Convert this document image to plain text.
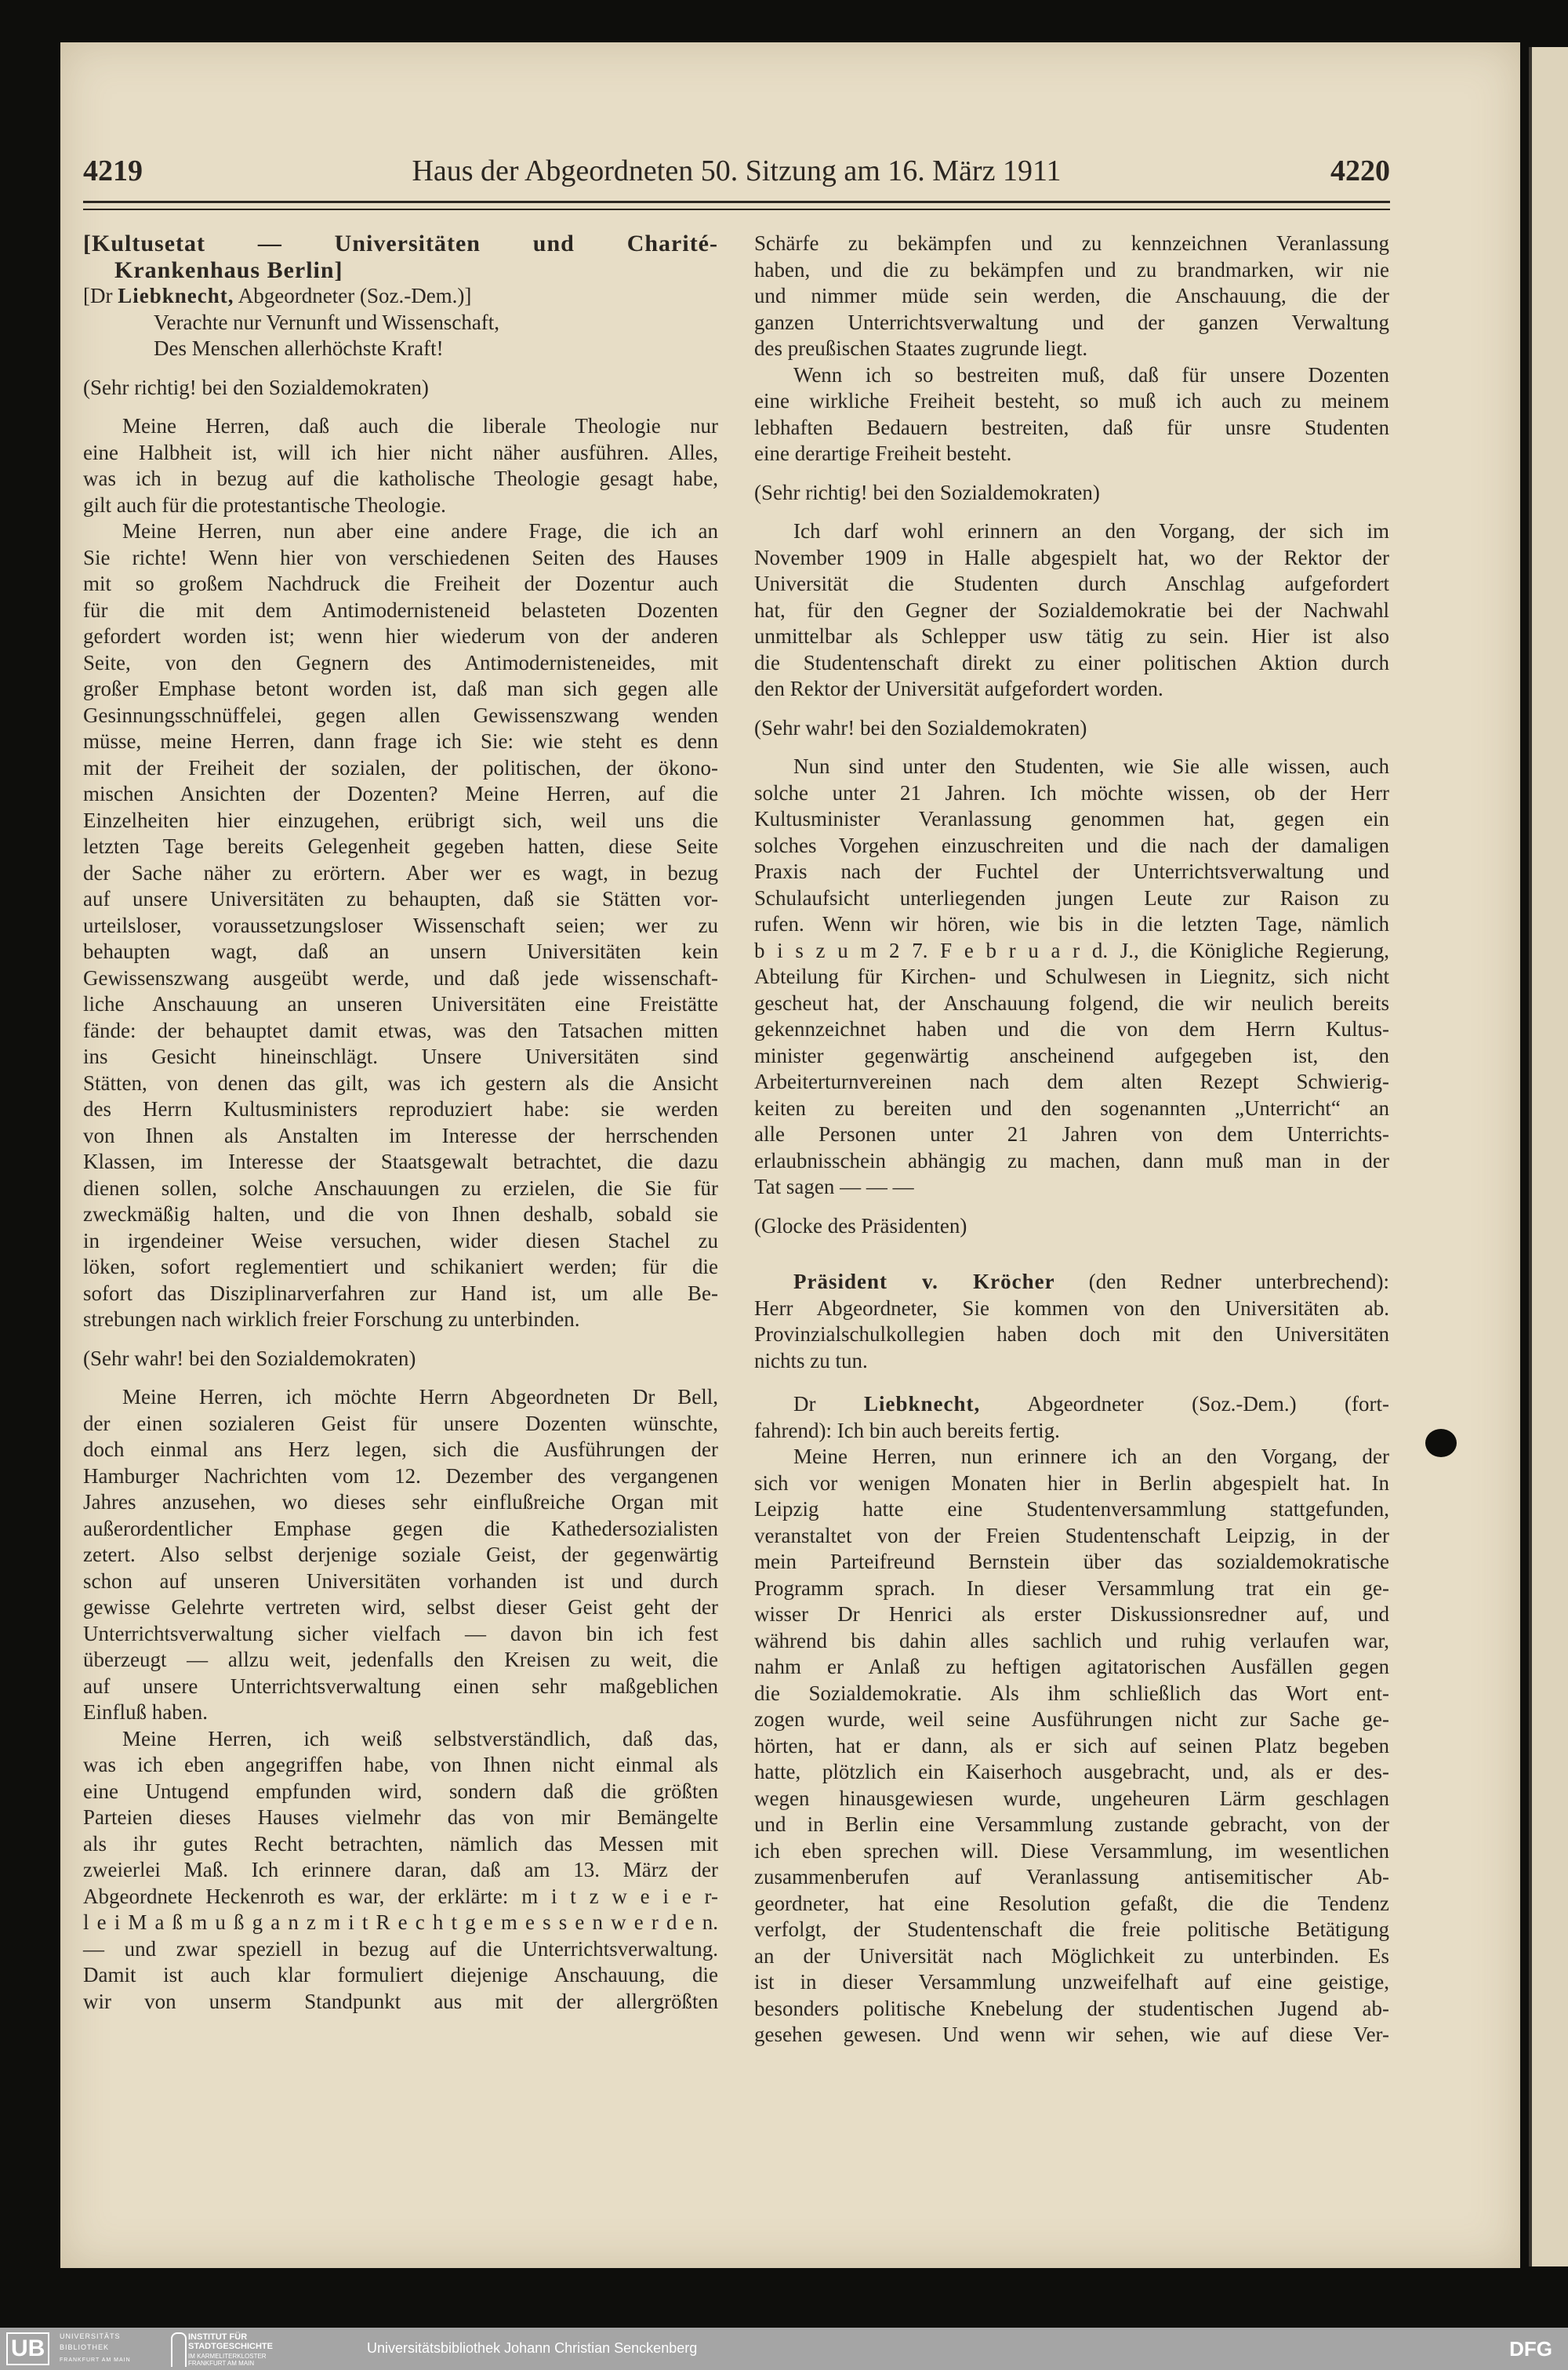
4219	Haus der Abgeordneten 50. Sitzung am 16. März 1911	4220
[Kultusetat — Universitäten und Charité-
Krankenhaus Berlin]
[Dr Liebknecht, Abgeordneter (Soz.-Dem.)]
Verachte nur Vernunft und Wissenschaft,
Des Menschen allerhöchste Kraft!
(Sehr richtig! bei den Sozialdemokraten)
Meine Herren, daß auch die liberale Theologie nur
eine Halbheit ist, will ich hier nicht näher ausführen. Alles,
was ich in bezug auf die katholische Theologie gesagt habe,
gilt auch für die protestantische Theologie.
Meine Herren, nun aber eine andere Frage, die ich an
Sie richte! Wenn hier von verschiedenen Seiten des Hauses
mit so großem Nachdruck die Freiheit der Dozentur auch
für die mit dem Antimodernisteneid belasteten Dozenten
gefordert worden ist; wenn hier wiederum von der anderen
Seite, von den Gegnern des Antimodernisteneides, mit
großer Emphase betont worden ist, daß man sich gegen alle
Gesinnungsschnüffelei, gegen allen Gewissenszwang wenden
müsse, meine Herren, dann frage ich Sie: wie steht es denn
mit der Freiheit der sozialen, der politischen, der ökono-
mischen Ansichten der Dozenten? Meine Herren, auf die
Einzelheiten hier einzugehen, erübrigt sich, weil uns die
letzten Tage bereits Gelegenheit gegeben hatten, diese Seite
der Sache näher zu erörtern. Aber wer es wagt, in bezug
auf unsere Universitäten zu behaupten, daß sie Stätten vor-
urteilsloser, voraussetzungsloser Wissenschaft seien; wer zu
behaupten wagt, daß an unsern Universitäten kein
Gewissenszwang ausgeübt werde, und daß jede wissenschaft-
liche Anschauung an unseren Universitäten eine Freistätte
fände: der behauptet damit etwas, was den Tatsachen mitten
ins Gesicht hineinschlägt. Unsere Universitäten sind
Stätten, von denen das gilt, was ich gestern als die Ansicht
des Herrn Kultusministers reproduziert habe: sie werden
von Ihnen als Anstalten im Interesse der herrschenden
Klassen, im Interesse der Staatsgewalt betrachtet, die dazu
dienen sollen, solche Anschauungen zu erzielen, die Sie für
zweckmäßig halten, und die von Ihnen deshalb, sobald sie
in irgendeiner Weise versuchen, wider diesen Stachel zu
löken, sofort reglementiert und schikaniert werden; für die
sofort das Disziplinarverfahren zur Hand ist, um alle Be-
strebungen nach wirklich freier Forschung zu unterbinden.
(Sehr wahr! bei den Sozialdemokraten)
Meine Herren, ich möchte Herrn Abgeordneten Dr Bell,
der einen sozialeren Geist für unsere Dozenten wünschte,
doch einmal ans Herz legen, sich die Ausführungen der
Hamburger Nachrichten vom 12. Dezember des vergangenen
Jahres anzusehen, wo dieses sehr einflußreiche Organ mit
außerordentlicher Emphase gegen die Kathedersozialisten
zetert. Also selbst derjenige soziale Geist, der gegenwärtig
schon auf unseren Universitäten vorhanden ist und durch
gewisse Gelehrte vertreten wird, selbst dieser Geist geht der
Unterrichtsverwaltung sicher vielfach — davon bin ich fest
überzeugt — allzu weit, jedenfalls den Kreisen zu weit, die
auf unsere Unterrichtsverwaltung einen sehr maßgeblichen
Einfluß haben.
Meine Herren, ich weiß selbstverständlich, daß das,
was ich eben angegriffen habe, von Ihnen nicht einmal als
eine Untugend empfunden wird, sondern daß die größten
Parteien dieses Hauses vielmehr das von mir Bemängelte
als ihr gutes Recht betrachten, nämlich das Messen mit
zweierlei Maß. Ich erinnere daran, daß am 13. März der
Abgeordnete Heckenroth es war, der erklärte: m i t z w e i e r-
l e i M a ß m u ß g a n z m i t R e c h t g e m e s s e n w e r d e n.
— und zwar speziell in bezug auf die Unterrichtsverwaltung.
Damit ist auch klar formuliert diejenige Anschauung, die
wir von unserm Standpunkt aus mit der allergrößten
Schärfe zu bekämpfen und zu kennzeichnen Veranlassung
haben, und die zu bekämpfen und zu brandmarken, wir nie
und nimmer müde sein werden, die Anschauung, die der
ganzen Unterrichtsverwaltung und der ganzen Verwaltung
des preußischen Staates zugrunde liegt.
Wenn ich so bestreiten muß, daß für unsere Dozenten
eine wirkliche Freiheit besteht, so muß ich auch zu meinem
lebhaften Bedauern bestreiten, daß für unsre Studenten
eine derartige Freiheit besteht.
(Sehr richtig! bei den Sozialdemokraten)
Ich darf wohl erinnern an den Vorgang, der sich im
November 1909 in Halle abgespielt hat, wo der Rektor der
Universität die Studenten durch Anschlag aufgefordert
hat, für den Gegner der Sozialdemokratie bei der Nachwahl
unmittelbar als Schlepper usw tätig zu sein. Hier ist also
die Studentenschaft direkt zu einer politischen Aktion durch
den Rektor der Universität aufgefordert worden.
(Sehr wahr! bei den Sozialdemokraten)
Nun sind unter den Studenten, wie Sie alle wissen, auch
solche unter 21 Jahren. Ich möchte wissen, ob der Herr
Kultusminister Veranlassung genommen hat, gegen ein
solches Vorgehen einzuschreiten und die nach der damaligen
Praxis nach der Fuchtel der Unterrichtsverwaltung und
Schulaufsicht unterliegenden jungen Leute zur Raison zu
rufen. Wenn wir hören, wie bis in die letzten Tage, nämlich
b i s z u m 2 7. F e b r u a r d. J., die Königliche Regierung,
Abteilung für Kirchen- und Schulwesen in Liegnitz, sich nicht
gescheut hat, der Anschauung folgend, die wir neulich bereits
gekennzeichnet haben und die von dem Herrn Kultus-
minister gegenwärtig anscheinend aufgegeben ist, den
Arbeiterturnvereinen nach dem alten Rezept Schwierig-
keiten zu bereiten und den sogenannten „Unterricht“ an
alle Personen unter 21 Jahren von dem Unterrichts-
erlaubnisschein abhängig zu machen, dann muß man in der
Tat sagen — — —
(Glocke des Präsidenten)
Präsident v. Kröcher (den Redner unterbrechend):
Herr Abgeordneter, Sie kommen von den Universitäten ab.
Provinzialschulkollegien haben doch mit den Universitäten
nichts zu tun.
Dr Liebknecht, Abgeordneter (Soz.-Dem.) (fort-
fahrend): Ich bin auch bereits fertig.
Meine Herren, nun erinnere ich an den Vorgang, der
sich vor wenigen Monaten hier in Berlin abgespielt hat. In
Leipzig hatte eine Studentenversammlung stattgefunden,
veranstaltet von der Freien Studentenschaft Leipzig, in der
mein Parteifreund Bernstein über das sozialdemokratische
Programm sprach. In dieser Versammlung trat ein ge-
wisser Dr Henrici als erster Diskussionsredner auf, und
während bis dahin alles sachlich und ruhig verlaufen war,
nahm er Anlaß zu heftigen agitatorischen Ausfällen gegen
die Sozialdemokratie. Als ihm schließlich das Wort ent-
zogen wurde, weil seine Ausführungen nicht zur Sache ge-
hörten, hat er dann, als er sich auf seinen Platz begeben
hatte, plötzlich ein Kaiserhoch ausgebracht, und, als er des-
wegen hinausgewiesen wurde, ungeheuren Lärm geschlagen
und in Berlin eine Versammlung zustande gebracht, von der
ich eben sprechen will. Diese Versammlung, im wesentlichen
zusammenberufen auf Veranlassung antisemitischer Ab-
geordneter, hat eine Resolution gefaßt, die die Tendenz
verfolgt, der Studentenschaft die freie politische Betätigung
an der Universität nach Möglichkeit zu unterbinden. Es
ist in dieser Versammlung unzweifelhaft auf eine geistige,
besonders politische Knebelung der studentischen Jugend ab-
gesehen gewesen. Und wenn wir sehen, wie auf diese Ver-
UB	UNIVERSITÄTS
BIBLIOTHEK
FRANKFURT AM MAIN
INSTITUT FÜR
STADTGESCHICHTE
IM KARMELITERKLOSTER
FRANKFURT AM MAIN
Universitätsbibliothek Johann Christian Senckenberg	DFG
